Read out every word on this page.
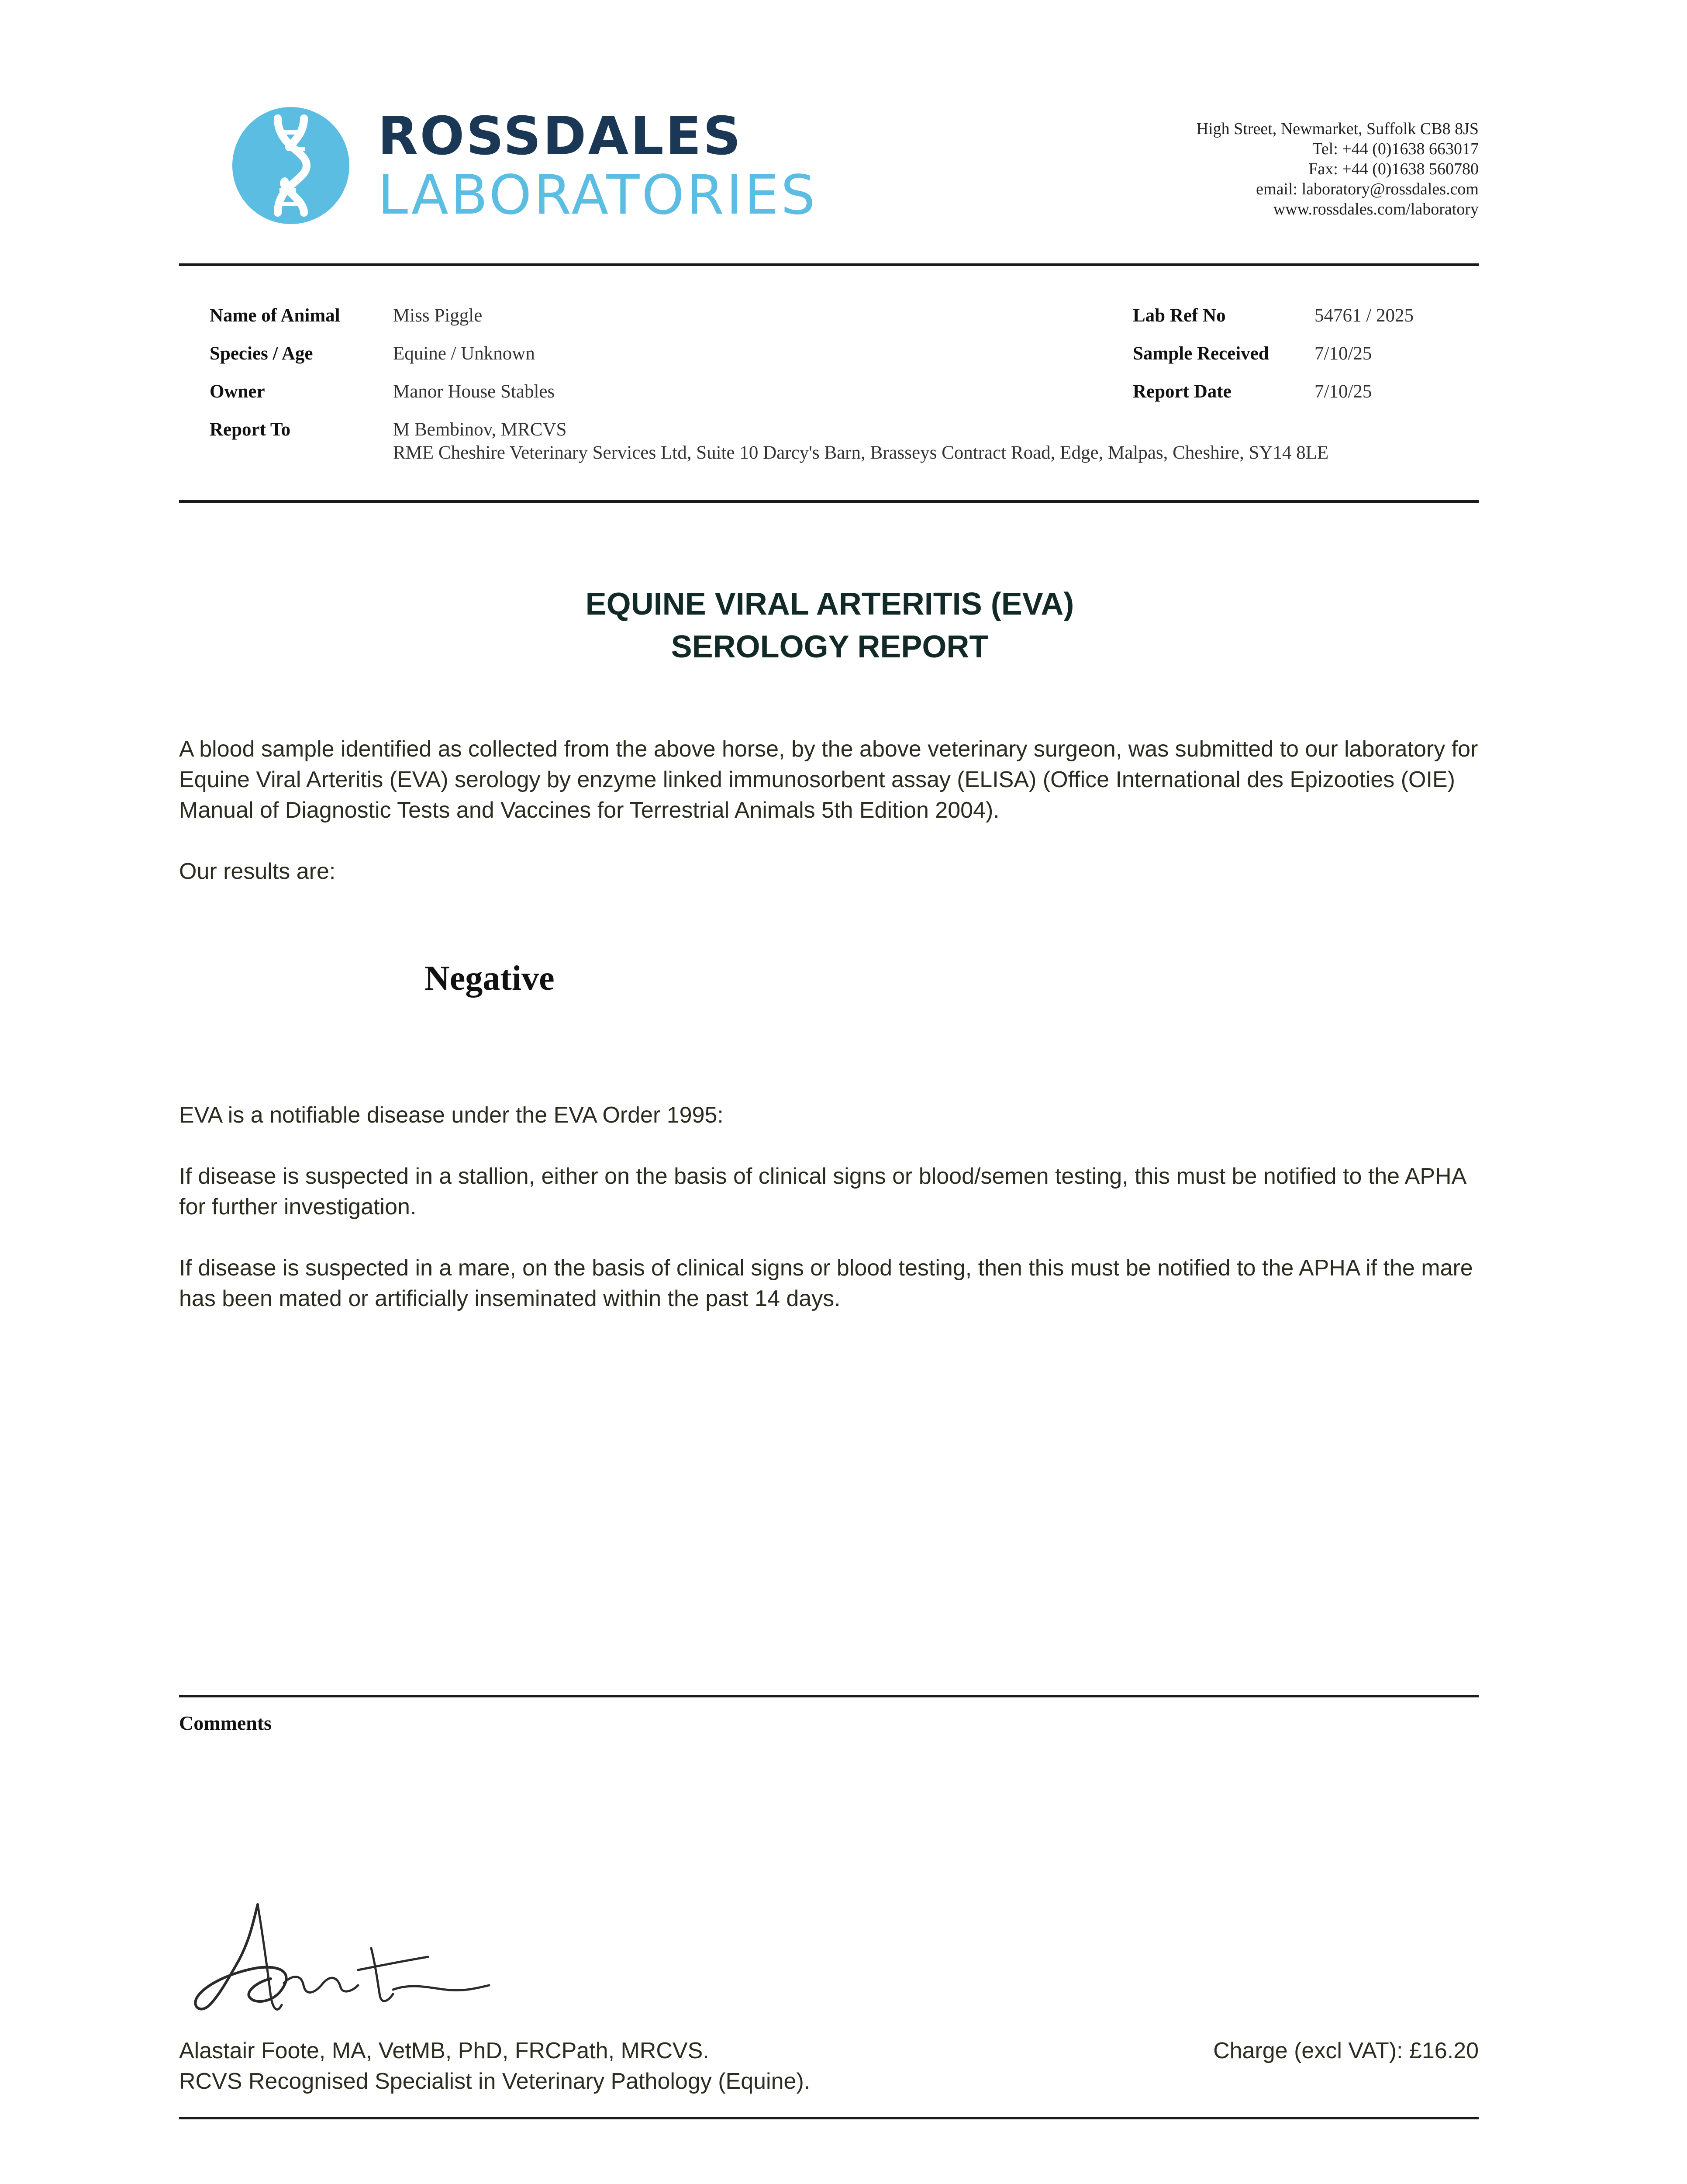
ROSSDALES
LABORATORIES
High Street, Newmarket, Suffolk CB8 8JS
Tel: +44 (0)1638 663017
Fax: +44 (0)1638 560780
email: laboratory@rossdales.com
www.rossdales.com/laboratory
Name of Animal	Miss Piggle
Species / Age	Equine / Unknown
Owner	Manor House Stables
Report To	M Bembinov, MRCVS
RME Cheshire Veterinary Services Ltd, Suite 10 Darcy's Barn, Brasseys Contract Road, Edge, Malpas, Cheshire, SY14 8LE
Lab Ref No	54761 / 2025
Sample Received 7/10/25
Report Date	7/10/25
EQUINE VIRAL ARTERITIS (EVA)
SEROLOGY REPORT
A blood sample identified as collected from the above horse, by the above veterinary surgeon, was submitted to our laboratory for Equine Viral Arteritis (EVA) serology by enzyme linked immunosorbent assay (ELISA) (Office International des Epizooties (OIE) Manual of Diagnostic Tests and Vaccines for Terrestrial Animals 5th Edition 2004).
Our results are:
Negative
EVA is a notifiable disease under the EVA Order 1995:
If disease is suspected in a stallion, either on the basis of clinical signs or blood/semen testing, this must be notified to the APHA for further investigation.
If disease is suspected in a mare, on the basis of clinical signs or blood testing, then this must be notified to the APHA if the mare has been mated or artificially inseminated within the past 14 days.
Comments
Alastair Foote, MA, VetMB, PhD, FRCPath, MRCVS.
RCVS Recognised Specialist in Veterinary Pathology (Equine).
Charge (excl VAT): £16.20
